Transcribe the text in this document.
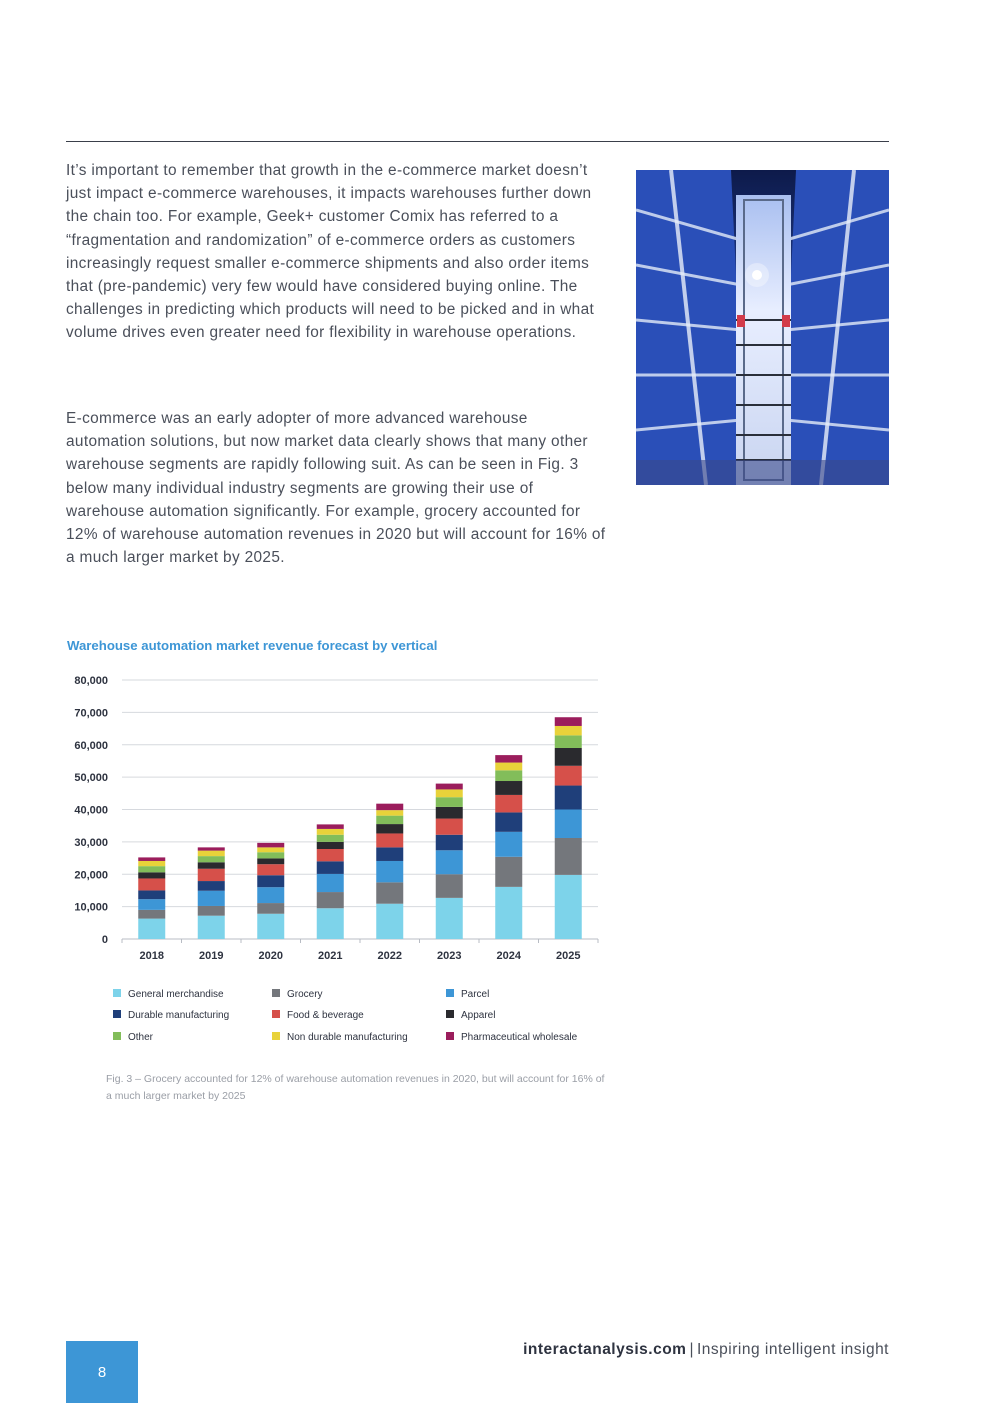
It’s important to remember that growth in the e-commerce market doesn’t just impact e-commerce warehouses, it impacts warehouses further down the chain too. For example, Geek+ customer Comix has referred to a “fragmentation and randomization” of e-commerce orders as customers increasingly request smaller e-commerce shipments and also order items that (pre-pandemic) very few would have considered buying online. The challenges in predicting which products will need to be picked and in what volume drives even greater need for flexibility in warehouse operations.

E-commerce was an early adopter of more advanced warehouse automation solutions, but now market data clearly shows that many other warehouse segments are rapidly following suit. As can be seen in Fig. 3 below many individual industry segments are growing their use of warehouse automation significantly. For example, grocery accounted for 12% of warehouse automation revenues in 2020 but will account for 16% of a much larger market by 2025.

Warehouse automation market revenue forecast by vertical
0
10,000
20,000
30,000
40,000
50,000
60,000
70,000
80,000
2018	2019	2020	2021	2022	2023	2024	2025
General merchandise	Grocery	Parcel
Durable manufacturing	Food & beverage	Apparel
Other	Non durable manufacturing	Pharmaceutical wholesale
Fig. 3 – Grocery accounted for 12% of warehouse automation revenues in 2020, but will account for 16% of a much larger market by 2025
8
interactanalysis.com | Inspiring intelligent insight
